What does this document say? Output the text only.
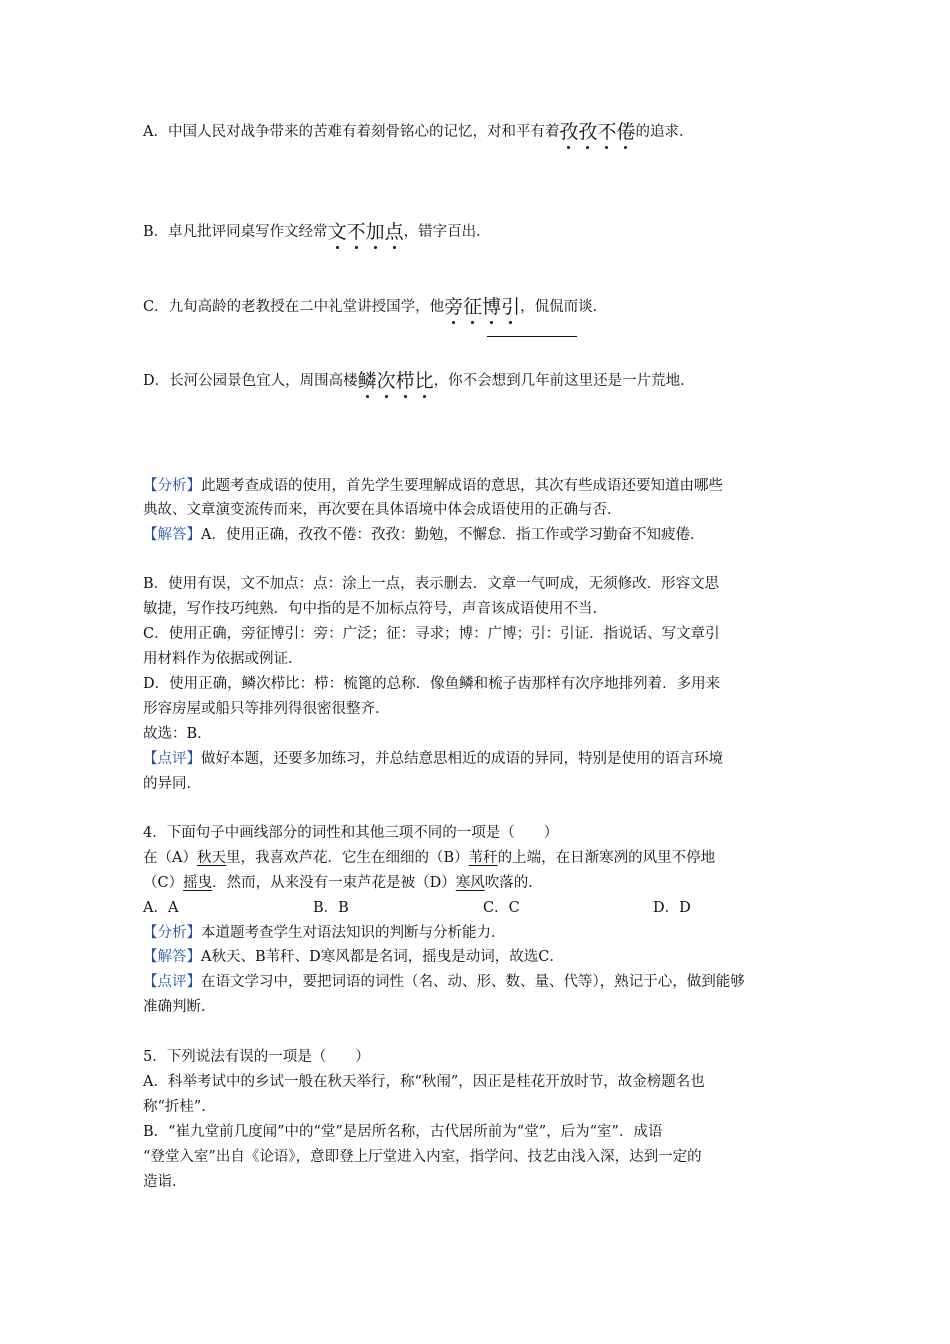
A．中国人民对战争带来的苦难有着刻骨铭心的记忆，对和平有着孜孜不倦
的追求．
B．卓凡批评同桌写作文经常文不加点
，错字百出．
C．九旬高龄的老教授在二中礼堂讲授国学，他旁征博引
，侃侃而谈．
D．长河公园景色宜人，周围高楼鳞次栉比
，你不会想到几年前这里还是一片荒地．
【分析】此题考查成语的使用，首先学生要理解成语的意思，其次有些成语还要知道由哪些
典故、文章演变流传而来，再次要在具体语境中体会成语使用的正确与否．
【解答】A．使用正确，孜孜不倦：孜孜：勤勉，不懈怠．指工作或学习勤奋不知疲倦．
B．使用有误，文不加点：点：涂上一点，表示删去．文章一气呵成，无须修改．形容文思
敏捷，写作技巧纯熟．句中指的是不加标点符号，声音该成语使用不当．
C．使用正确，旁征博引：旁：广泛；征：寻求；博：广博；引：引证．指说话、写文章引
用材料作为依据或例证．
D．使用正确，鳞次栉比：栉：梳篦的总称．像鱼鳞和梳子齿那样有次序地排列着．多用来
形容房屋或船只等排列得很密很整齐．
故选：B．
【点评】做好本题，还要多加练习，并总结意思相近的成语的异同，特别是使用的语言环境
的异同．
4．下面句子中画线部分的词性和其他三项不同的一项是（　　）
在（A）秋天里，我喜欢芦花．它生在细细的（B）苇秆的上端，在日渐寒冽的风里不停地
（C）摇曳．然而，从来没有一束芦花是被（D）寒风吹落的．
A．A	B．B	C．C	D．D
【分析】本道题考查学生对语法知识的判断与分析能力．
【解答】A秋天、B苇秆、D寒风都是名词，摇曳是动词，故选C．
【点评】在语文学习中，要把词语的词性（名、动、形、数、量、代等），熟记于心，做到能够
准确判断．
5．下列说法有误的一项是（　　）
A．科举考试中的乡试一般在秋天举行，称“秋闱”，因正是桂花开放时节，故金榜题名也
称“折桂”．
B．“崔九堂前几度闻”中的“堂”是居所名称，古代居所前为“堂”，后为“室”．成语
“登堂入室”出自《论语》，意即登上厅堂进入内室，指学问、技艺由浅入深，达到一定的
造诣．
